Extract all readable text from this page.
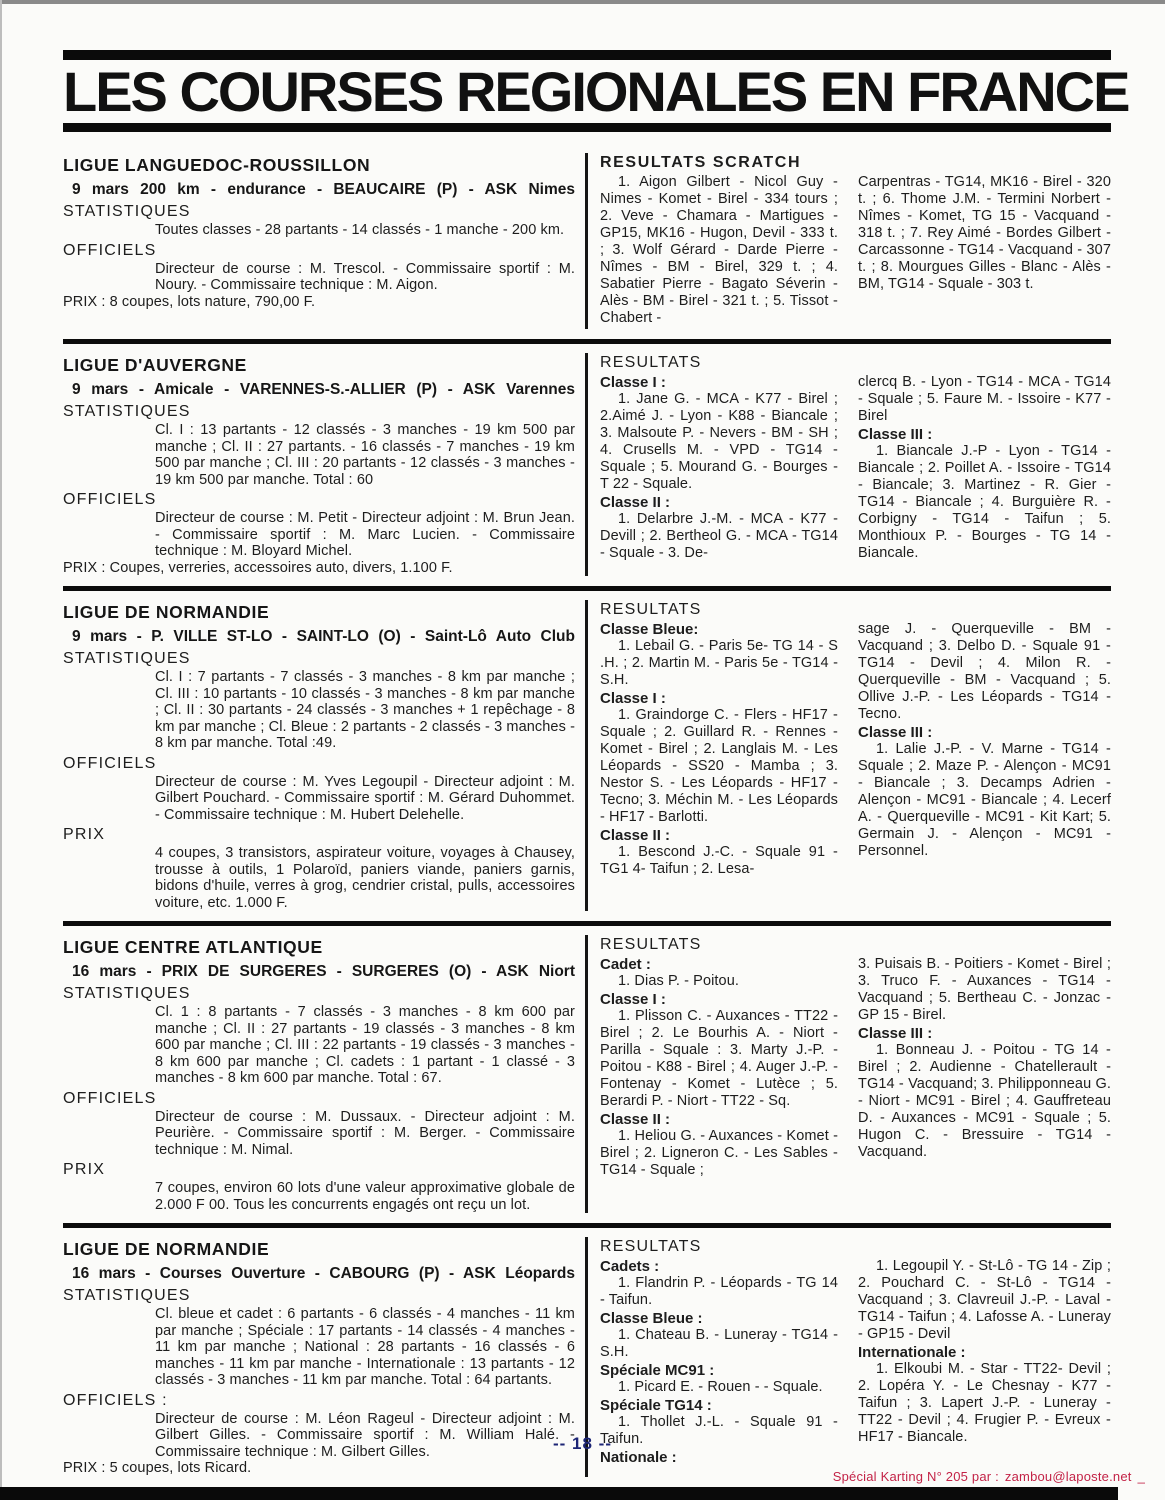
LES COURSES REGIONALES EN FRANCE
LIGUE LANGUEDOC-ROUSSILLON

9 mars 200 km - endurance - BEAUCAIRE (P) - ASK Nimes

STATISTIQUES

Toutes classes - 28 partants - 14 classés - 1 manche - 200 km.

OFFICIELS

Directeur de course : M. Trescol. - Commissaire sportif : M. Noury. - Commissaire technique : M. Aigon.

PRIX : 8 coupes, lots nature, 790,00 F.

RESULTATS SCRATCH

1. Aigon Gilbert - Nicol Guy - Nimes - Komet - Birel - 334 tours ; 2. Veve - Chamara - Martigues - GP15, MK16 - Hugon, Devil - 333 t. ; 3. Wolf Gérard - Darde Pierre - Nîmes - BM - Birel, 329 t. ; 4. Sabatier Pierre - Bagato Séverin - Alès - BM - Birel - 321 t. ; 5. Tissot - Chabert -

Carpentras - TG14, MK16 - Birel - 320 t. ; 6. Thome J.M. - Termini Norbert - Nîmes - Komet, TG 15 - Vacquand - 318 t. ; 7. Rey Aimé - Bordes Gilbert - Carcassonne - TG14 - Vacquand - 307 t. ; 8. Mourgues Gilles - Blanc - Alès - BM, TG14 - Squale - 303 t.

LIGUE D'AUVERGNE

9 mars - Amicale - VARENNES-S.-ALLIER (P) - ASK Varennes

STATISTIQUES

Cl. I : 13 partants - 12 classés - 3 manches - 19 km 500 par manche ; Cl. II : 27 partants. - 16 classés - 7 manches - 19 km 500 par manche ; Cl. III : 20 partants - 12 classés - 3 manches - 19 km 500 par manche. Total : 60

OFFICIELS

Directeur de course : M. Petit - Directeur adjoint : M. Brun Jean. - Commissaire sportif : M. Marc Lucien. - Commissaire technique : M. Bloyard Michel.

PRIX : Coupes, verreries, accessoires auto, divers, 1.100 F.

RESULTATS

Classe I :

1. Jane G. - MCA - K77 - Birel ; 2.Aimé J. - Lyon - K88 - Biancale ; 3. Malsoute P. - Nevers - BM - SH ; 4. Crusells M. - VPD - TG14 - Squale ; 5. Mourand G. - Bourges - T 22 - Squale.

Classe II :

1. Delarbre J.-M. - MCA - K77 - Devill ; 2. Bertheol G. - MCA - TG14 - Squale - 3. De-

clercq B. - Lyon - TG14 - MCA - TG14 - Squale ; 5. Faure M. - Issoire - K77 - Birel

Classe III :

1. Biancale J.-P - Lyon - TG14 - Biancale ; 2. Poillet A. - Issoire - TG14 - Biancale; 3. Martinez - R. Gier - TG14 - Biancale ; 4. Burguière R. - Corbigny - TG14 - Taifun ; 5. Monthioux P. - Bourges - TG 14 - Biancale.

LIGUE DE NORMANDIE

9 mars - P. VILLE ST-LO - SAINT-LO (O) - Saint-Lô Auto Club

STATISTIQUES

Cl. I : 7 partants - 7 classés - 3 manches - 8 km par manche ; Cl. III : 10 partants - 10 classés - 3 manches - 8 km par manche ; Cl. II : 30 partants - 24 classés - 3 manches + 1 repêchage - 8 km par manche ; Cl. Bleue : 2 partants - 2 classés - 3 manches - 8 km par manche. Total :49.

OFFICIELS

Directeur de course : M. Yves Legoupil - Directeur adjoint : M. Gilbert Pouchard. - Commissaire sportif : M. Gérard Duhommet. - Commissaire technique : M. Hubert Delehelle.

PRIX

4 coupes, 3 transistors, aspirateur voiture, voyages à Chausey, trousse à outils, 1 Polaroïd, paniers viande, paniers garnis, bidons d'huile, verres à grog, cendrier cristal, pulls, accessoires voiture, etc. 1.000 F.

RESULTATS

Classe Bleue:

1. Lebail G. - Paris 5e- TG 14 - S .H. ; 2. Martin M. - Paris 5e - TG14 - S.H.

Classe I :

1. Graindorge C. - Flers - HF17 - Squale ; 2. Guillard R. - Rennes - Komet - Birel ; 2. Langlais M. - Les Léopards - SS20 - Mamba ; 3. Nestor S. - Les Léopards - HF17 - Tecno; 3. Méchin M. - Les Léopards - HF17 - Barlotti.

Classe II :

1. Bescond J.-C. - Squale 91 - TG1 4- Taifun ; 2. Lesa-

sage J. - Querqueville - BM - Vacquand ; 3. Delbo D. - Squale 91 - TG14 - Devil ; 4. Milon R. - Querqueville - BM - Vacquand ; 5. Ollive J.-P. - Les Léopards - TG14 - Tecno.

Classe III :

1. Lalie J.-P. - V. Marne - TG14 - Squale ; 2. Maze P. - Alençon - MC91 - Biancale ; 3. Decamps Adrien - Alençon - MC91 - Biancale ; 4. Lecerf A. - Querqueville - MC91 - Kit Kart; 5. Germain J. - Alençon - MC91 - Personnel.

LIGUE CENTRE ATLANTIQUE

16 mars - PRIX DE SURGERES - SURGERES (O) - ASK Niort

STATISTIQUES

Cl. 1 : 8 partants - 7 classés - 3 manches - 8 km 600 par manche ; Cl. II : 27 partants - 19 classés - 3 manches - 8 km 600 par manche ; Cl. III : 22 partants - 19 classés - 3 manches - 8 km 600 par manche ; Cl. cadets : 1 partant - 1 classé - 3 manches - 8 km 600 par manche. Total : 67.

OFFICIELS

Directeur de course : M. Dussaux. - Directeur adjoint : M. Peurière. - Commissaire sportif : M. Berger. - Commissaire technique : M. Nimal.

PRIX

7 coupes, environ 60 lots d'une valeur approximative globale de 2.000 F 00. Tous les concurrents engagés ont reçu un lot.

RESULTATS

Cadet :

1. Dias P. - Poitou.

Classe I :

1. Plisson C. - Auxances - TT22 - Birel ; 2. Le Bourhis A. - Niort - Parilla - Squale : 3. Marty J.-P. - Poitou - K88 - Birel ; 4. Auger J.-P. - Fontenay - Komet - Lutèce ; 5. Berardi P. - Niort - TT22 - Sq.

Classe II :

1. Heliou G. - Auxances - Komet - Birel ; 2. Ligneron C. - Les Sables - TG14 - Squale ;

3. Puisais B. - Poitiers - Komet - Birel ; 3. Truco F. - Auxances - TG14 - Vacquand ; 5. Bertheau C. - Jonzac - GP 15 - Birel.

Classe III :

1. Bonneau J. - Poitou - TG 14 - Birel ; 2. Audienne - Chatellerault - TG14 - Vacquand; 3. Philipponneau G. - Niort - MC91 - Birel ; 4. Gauffreteau D. - Auxances - MC91 - Squale ; 5. Hugon C. - Bressuire - TG14 - Vacquand.

LIGUE DE NORMANDIE

16 mars - Courses Ouverture - CABOURG (P) - ASK Léopards

STATISTIQUES

Cl. bleue et cadet : 6 partants - 6 classés - 4 manches - 11 km par manche ; Spéciale : 17 partants - 14 classés - 4 manches - 11 km par manche ; National : 28 partants - 16 classés - 6 manches - 11 km par manche - Internationale : 13 partants - 12 classés - 3 manches - 11 km par manche. Total : 64 partants.

OFFICIELS :

Directeur de course : M. Léon Rageul - Directeur adjoint : M. Gilbert Gilles. - Commissaire sportif : M. William Halé. - Commissaire technique : M. Gilbert Gilles.

PRIX : 5 coupes, lots Ricard.

RESULTATS

Cadets :

1. Flandrin P. - Léopards - TG 14 - Taifun.

Classe Bleue :

1. Chateau B. - Luneray - TG14 - S.H.

Spéciale MC91 :

1. Picard E. - Rouen - - Squale.

Spéciale TG14 :

1. Thollet J.-L. - Squale 91 - Taifun.

Nationale :

1. Legoupil Y. - St-Lô - TG 14 - Zip ; 2. Pouchard C. - St-Lô - TG14 - Vacquand ; 3. Clavreuil J.-P. - Laval - TG14 - Taifun ; 4. Lafosse A. - Luneray - GP15 - Devil

Internationale :

1. Elkoubi M. - Star - TT22- Devil ; 2. Lopéra Y. - Le Chesnay - K77 - Taifun ; 3. Lapert J.-P. - Luneray - TT22 - Devil ; 4. Frugier P. - Evreux - HF17 - Biancale.

-- 18 --
Spécial Karting N° 205 par : zambou@laposte.net _
